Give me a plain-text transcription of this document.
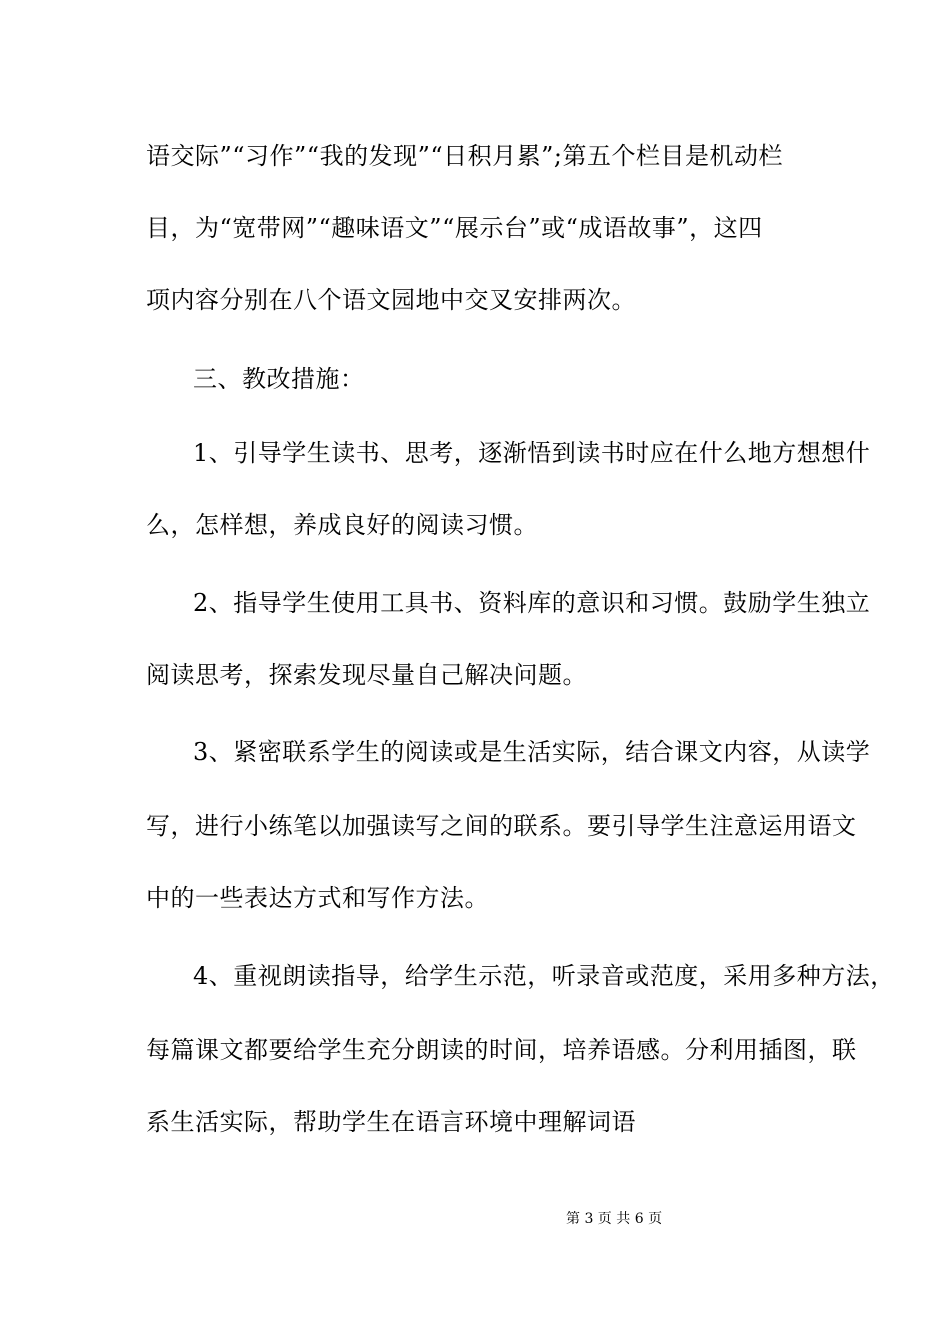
语交际”“习作”“我的发现”“日积月累”;第五个栏目是机动栏
目，为“宽带网”“趣味语文”“展示台”或“成语故事”，这四
项内容分别在八个语文园地中交叉安排两次。
三、教改措施：
1、引导学生读书、思考，逐渐悟到读书时应在什么地方想想什
么，怎样想，养成良好的阅读习惯。
2、指导学生使用工具书、资料库的意识和习惯。鼓励学生独立
阅读思考，探索发现尽量自己解决问题。
3、紧密联系学生的阅读或是生活实际，结合课文内容，从读学
写，进行小练笔以加强读写之间的联系。要引导学生注意运用语文
中的一些表达方式和写作方法。
4、重视朗读指导，给学生示范，听录音或范度，采用多种方法，
每篇课文都要给学生充分朗读的时间，培养语感。分利用插图，联
系生活实际，帮助学生在语言环境中理解词语
第 3 页 共 6 页
